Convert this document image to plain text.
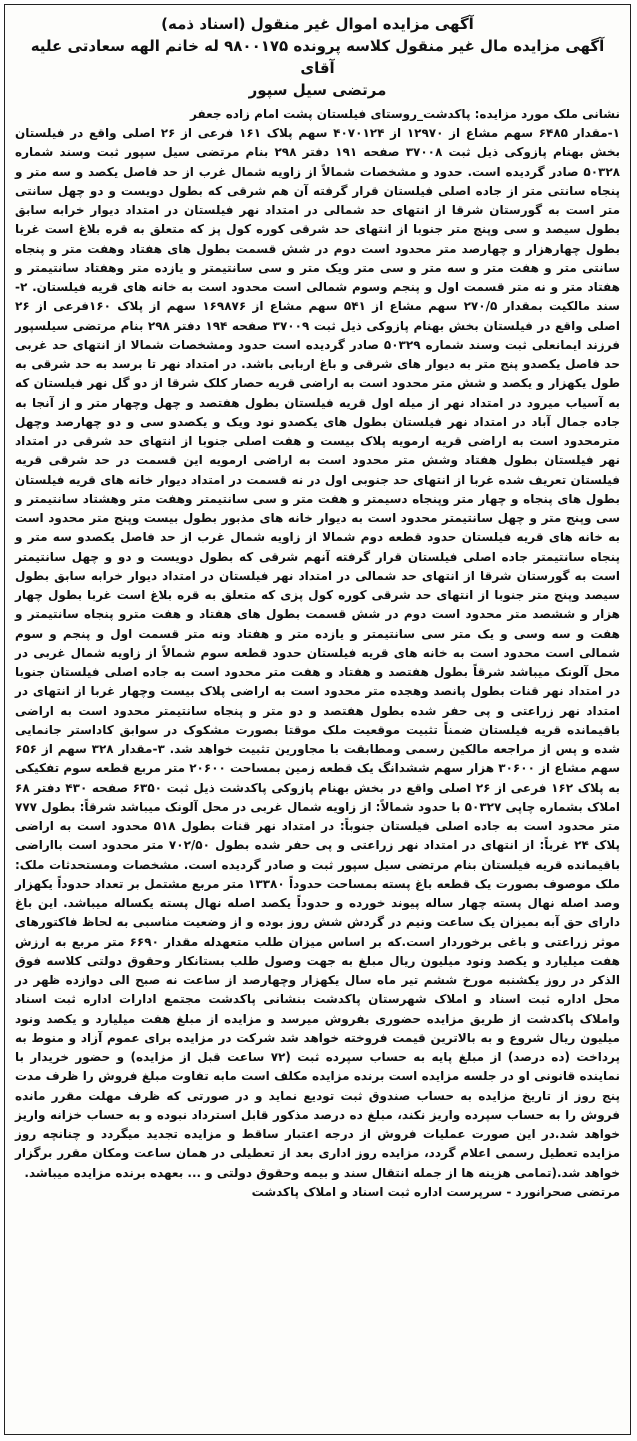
آگهی مزایده اموال غیر منقول (اسناد ذمه)

آگهی مزایده مال غیر منقول کلاسه پرونده ۹۸۰۰۱۷۵ له خانم الهه سعادتی علیه آقای

مرتضی سیل سپور

نشانی ملک مورد مزایده: پاکدشت_روستای فیلستان پشت امام زاده جعفر

۱-مقدار ۶۴۸۵ سهم مشاع از ۱۲۹۷۰ از ۴۰۷۰۱۲۴ سهم پلاک ۱۶۱ فرعی از ۲۶ اصلی واقع در فیلستان بخش بهنام پازوکی ذیل ثبت ۳۷۰۰۸ صفحه ۱۹۱ دفتر ۲۹۸ بنام مرتضی سیل سپور ثبت وسند شماره ۵۰۳۲۸ صادر گردیده است. حدود و مشخصات شمالاً از زاویه شمال غرب از حد فاصل یکصد و سه متر و پنجاه سانتی متر از جاده اصلی فیلستان قرار گرفته آن هم شرقی که بطول دویست و دو چهل سانتی متر است به گورستان شرقا از انتهای حد شمالی در امتداد نهر فیلستان در امتداد دیوار خرابه سابق بطول سیصد و سی وپنج متر جنوبا از انتهای حد شرقی کوره کول پز که متعلق به قره بلاغ است غربا بطول چهارهزار و چهارصد متر محدود است دوم در شش قسمت بطول های هفتاد وهفت متر و پنجاه سانتی متر و هفت متر و سه متر و سی متر ویک متر و سی سانتیمتر و یازده متر وهفتاد سانتیمتر و هفتاد متر و نه متر قسمت اول و پنجم وسوم شمالی است محدود است به خانه های قریه فیلستان. ۲-سند مالکیت بمقدار ۲۷۰/۵ سهم مشاع از ۵۴۱ سهم مشاع از ۱۶۹۸۷۶ سهم از پلاک ۱۶۰فرعی از ۲۶ اصلی واقع در فیلستان بخش بهنام پازوکی ذیل ثبت ۳۷۰۰۹ صفحه ۱۹۴ دفتر ۲۹۸ بنام مرتضی سیلسپور فرزند ایمانعلی ثبت وسند شماره ۵۰۳۲۹ صادر گردیده است حدود ومشخصات شمالا از انتهای حد غربی حد فاصل یکصدو پنج متر به دیوار های شرقی و باغ اربابی باشد. در امتداد نهر تا برسد به حد شرقی به طول یکهزار و یکصد و شش متر محدود است به اراضی قریه حصار کلک شرقا از دو گل نهر فیلستان که به آسیاب میرود در امتداد نهر از میله اول قریه فیلستان بطول هفتصد و چهل وچهار متر و از آنجا به جاده جمال آباد در امتداد نهر فیلستان بطول های یکصدو نود ویک و یکصدو سی و دو چهارصد وچهل مترمحدود است به اراضی قریه ارمویه پلاک بیست و هفت اصلی جنوبا از انتهای حد شرقی در امتداد نهر فیلستان بطول هفتاد وشش متر محدود است به اراضی ارمویه این قسمت در حد شرقی قریه فیلستان تعریف شده غربا از انتهای حد جنوبی اول در نه قسمت در امتداد دیوار خانه های قریه فیلستان بطول های پنجاه و چهار متر وپنجاه دسیمتر و هفت متر و سی سانتیمتر وهفت متر وهشتاد سانتیمتر و سی وپنج متر و چهل سانتیمتر محدود است به دیوار خانه های مذبور بطول بیست وپنج متر محدود است به خانه های قریه فیلستان حدود قطعه دوم شمالا از زاویه شمال غرب از حد فاصل یکصدو سه متر و پنجاه سانتیمتر جاده اصلی فیلستان قرار گرفته آنهم شرقی که بطول دویست و دو و چهل سانتیمتر است به گورستان شرقا از انتهای حد شمالی در امتداد نهر فیلستان در امتداد دیوار خرابه سابق بطول سیصد وپنج متر جنوبا از انتهای حد شرقی کوره کول پزی که متعلق به قره بلاغ است غربا بطول چهار هزار و ششصد متر محدود است دوم در شش قسمت بطول های هفتاد و هفت مترو پنجاه سانتیمتر و هفت و سه وسی و یک متر سی سانتیمتر و یازده متر و هفتاد ونه متر قسمت اول و پنجم و سوم شمالی است محدود است به خانه های قریه فیلستان حدود قطعه سوم شمالاً از زاویه شمال غربی در محل آلونک میباشد شرقاً بطول هفتصد و هفتاد و هفت متر محدود است به جاده اصلی فیلستان جنوبا در امتداد نهر قنات بطول پانصد وهجده متر محدود است به اراضی پلاک بیست وچهار غربا از انتهای در امتداد نهر زراعتی و پی حفر شده بطول هفتصد و دو متر و پنجاه سانتیمتر محدود است به اراضی باقیمانده قریه فیلستان ضمناً تثبیت موقعیت ملک موقتا بصورت مشکوک در سوابق کاداستر جانمایی شده و پس از مراجعه مالکین رسمی ومطابقت با مجاورین تثبیت خواهد شد. ۳-مقدار ۳۲۸ سهم از ۶۵۶ سهم مشاع از ۳۰۶۰۰ هزار سهم ششدانگ یک قطعه زمین بمساحت ۲۰۶۰۰ متر مربع قطعه سوم تفکیکی به پلاک ۱۶۲ فرعی از ۲۶ اصلی واقع در بخش بهنام پازوکی پاکدشت ذیل ثبت ۶۳۵۰ صفحه ۴۳۰ دفتر ۶۸ املاک بشماره چاپی ۵۰۳۲۷ با حدود شمالاً: از زاویه شمال غربی در محل آلونک میباشد شرقاً: بطول ۷۷۷ متر محدود است به جاده اصلی فیلستان جنوباً: در امتداد نهر قنات بطول ۵۱۸ محدود است به اراضی پلاک ۲۴ غرباً: از انتهای در امتداد نهر زراعتی و پی حفر شده بطول ۷۰۲/۵۰ متر محدود است بااراضی باقیمانده قریه فیلستان بنام مرتضی سیل سپور ثبت و صادر گردیده است. مشخصات ومستحدثات ملک: ملک موصوف بصورت یک قطعه باغ پسته بمساحت حدوداً ۱۳۳۸۰ متر مربع مشتمل بر تعداد حدوداً یکهزار وصد اصله نهال پسته چهار ساله پیوند خورده و حدوداً یکصد اصله نهال پسته یکساله میباشد. این باغ دارای حق آبه بمیزان یک ساعت ونیم در گردش شش روز بوده و از وضعیت مناسبی به لحاظ فاکتورهای موثر زراعتی و باغی برخوردار است.که بر اساس میزان طلب متعهدله مقدار ۶۶۹۰ متر مربع به ارزش هفت میلیارد و یکصد ونود میلیون ریال مبلغ به جهت وصول طلب بستانکار وحقوق دولتی کلاسه فوق الذکر در روز یکشنبه مورخ ششم تیر ماه سال یکهزار وچهارصد از ساعت نه صبح الی دوازده ظهر در محل اداره ثبت اسناد و املاک شهرستان پاکدشت بنشانی پاکدشت مجتمع ادارات اداره ثبت اسناد واملاک پاکدشت از طریق مزایده حضوری بفروش میرسد و مزایده از مبلغ هفت میلیارد و یکصد ونود میلیون ریال شروع و به بالاترین قیمت فروخته خواهد شد شرکت در مزایده برای عموم آزاد و منوط به پرداخت (ده درصد) از مبلغ پایه به حساب سپرده ثبت (۷۲ ساعت قبل از مزایده) و حضور خریدار با نماینده قانونی او در جلسه مزایده است برنده مزایده مکلف است مابه تفاوت مبلغ فروش را ظرف مدت پنج روز از تاریخ مزایده به حساب صندوق ثبت تودیع نماید و در صورتی که ظرف مهلت مقرر مانده فروش را به حساب سپرده واریز نکند، مبلغ ده درصد مذکور قابل استرداد نبوده و به حساب خزانه واریز خواهد شد.در این صورت عملیات فروش از درجه اعتبار ساقط و مزایده تجدید میگردد و چنانچه روز مزایده تعطیل رسمی اعلام گردد، مزایده روز اداری بعد از تعطیلی در همان ساعت ومکان مقرر برگزار خواهد شد.(تمامی هزینه ها از جمله انتقال سند و بیمه وحقوق دولتی و ... بعهده برنده مزایده میباشد.

مرتضی صحرانورد - سرپرست اداره ثبت اسناد و املاک پاکدشت
